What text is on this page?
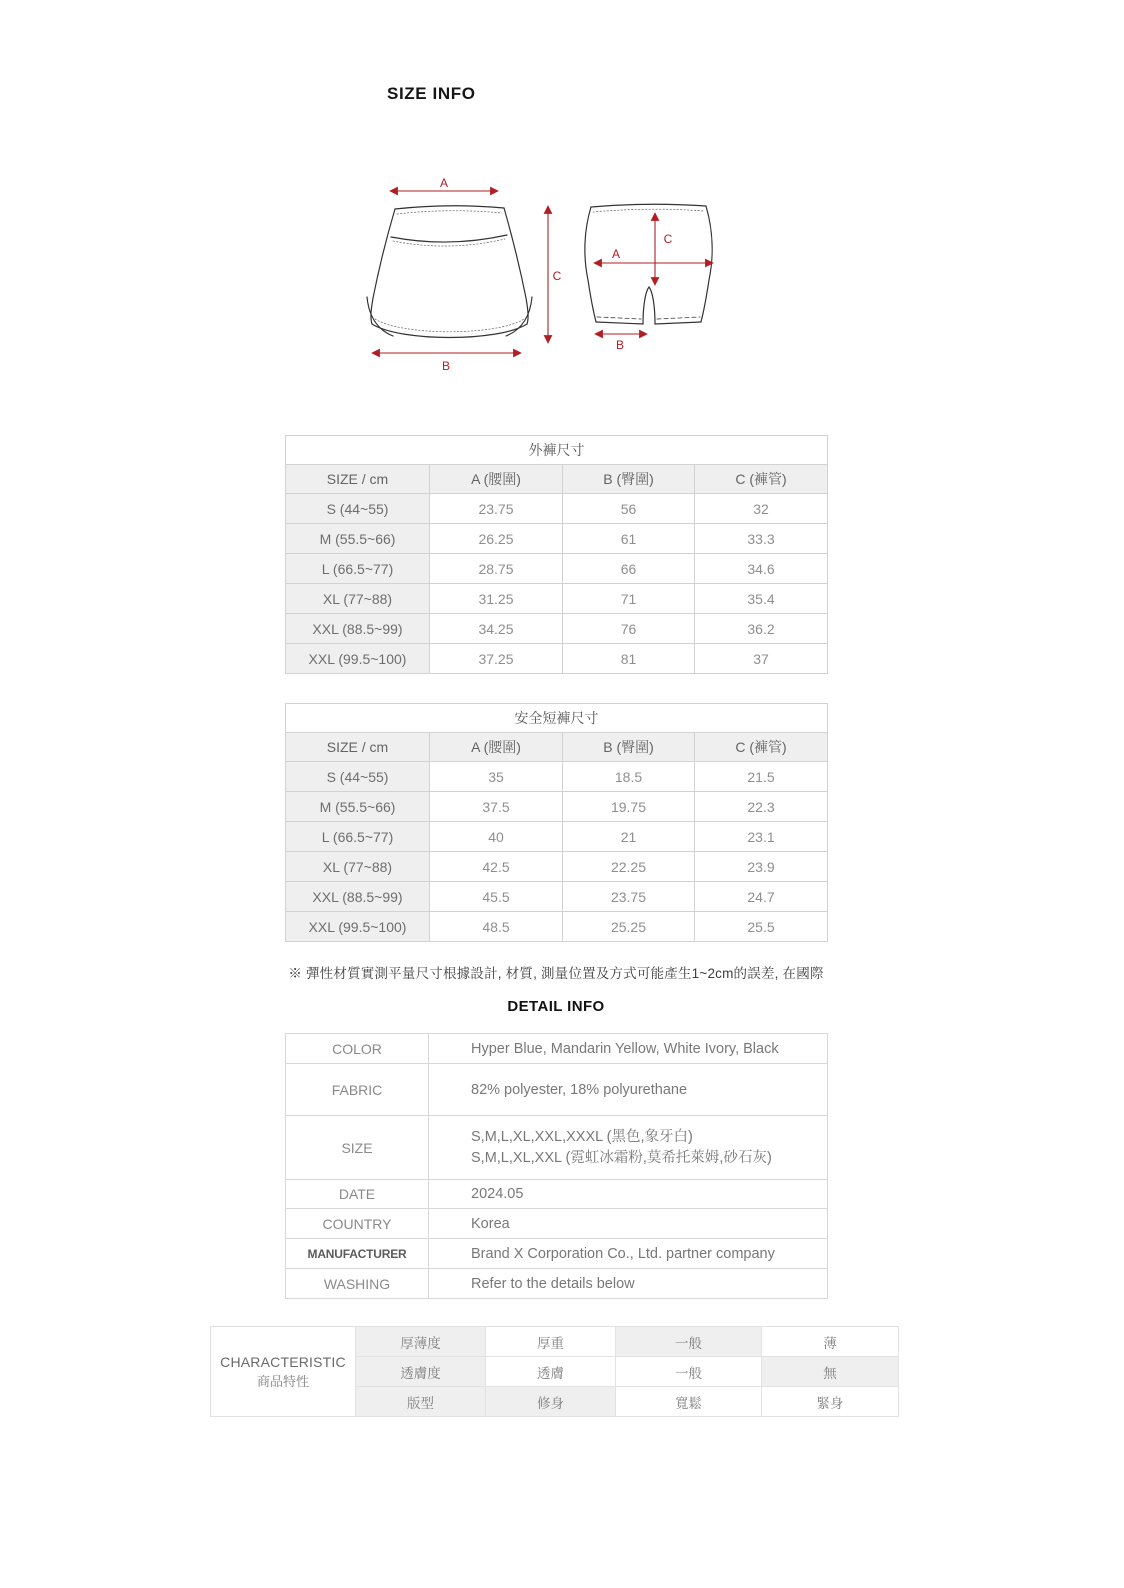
SIZE INFO
A
B
C
C
A
B
外褲尺寸			
SIZE / cm	A (腰圍)	B (臀圍)	C (褲管)
S (44~55)	23.75	56	32
M (55.5~66)	26.25	61	33.3
L (66.5~77)	28.75	66	34.6
XL (77~88)	31.25	71	35.4
XXL (88.5~99)	34.25	76	36.2
XXL (99.5~100)	37.25	81	37
安全短褲尺寸			
SIZE / cm	A (腰圍)	B (臀圍)	C (褲管)
S (44~55)	35	18.5	21.5
M (55.5~66)	37.5	19.75	22.3
L (66.5~77)	40	21	23.1
XL (77~88)	42.5	22.25	23.9
XXL (88.5~99)	45.5	23.75	24.7
XXL (99.5~100)	48.5	25.25	25.5
※ 彈性材質實測平量尺寸根據設計, 材質, 測量位置及方式可能產生1~2cm的誤差, 在國際
DETAIL INFO
COLOR	Hyper Blue, Mandarin Yellow, White Ivory, Black
FABRIC	82% polyester, 18% polyurethane
SIZE	S,M,L,XL,XXL,XXXL (黑色,象牙白)
S,M,L,XL,XXL (霓虹冰霜粉,莫希托萊姆,砂石灰)

DATE	2024.05
COUNTRY	Korea
MANUFACTURER	Brand X Corporation Co., Ltd. partner company
WASHING	Refer to the details below
CHARACTERISTIC
商品特性	厚薄度	厚重	一般	薄
	透膚度	透膚	一般	無
	版型	修身	寬鬆	緊身
